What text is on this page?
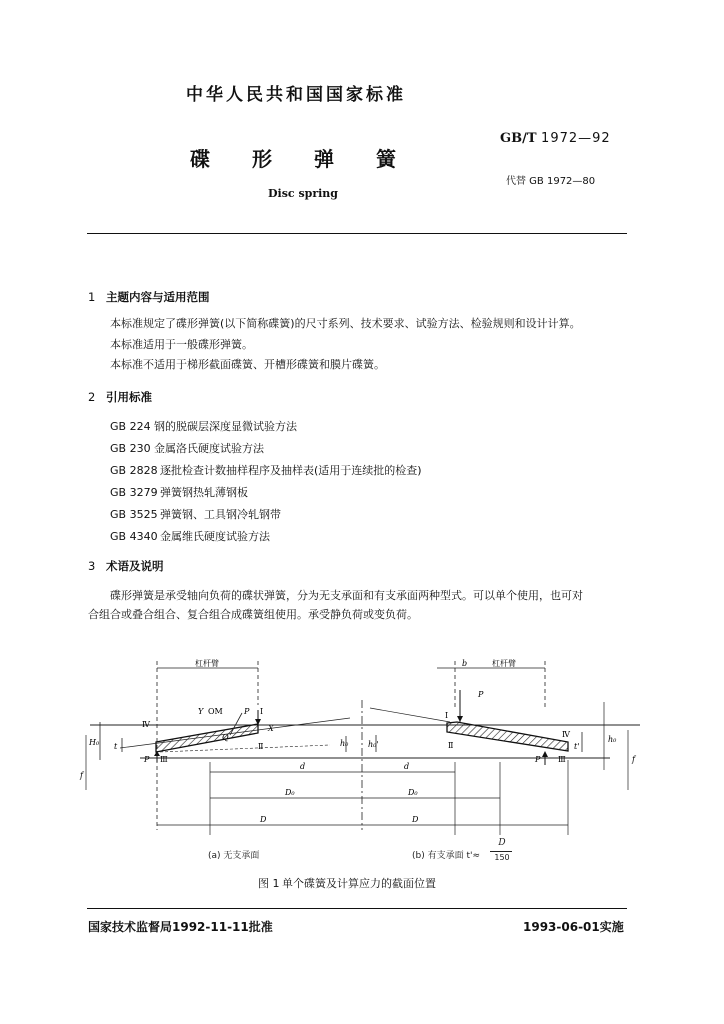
中华人民共和国国家标准
碟 形 弹 簧
Disc spring
GB/T 1972—92
代替 GB 1972—80
1 主题内容与适用范围
本标准规定了碟形弹簧(以下简称碟簧)的尺寸系列、技术要求、试验方法、检验规则和设计计算。
本标准适用于一般碟形弹簧。
本标准不适用于梯形截面碟簧、开槽形碟簧和膜片碟簧。
2 引用标准
GB 224 钢的脱碳层深度显微试验方法
GB 230 金属洛氏硬度试验方法
GB 2828 逐批检查计数抽样程序及抽样表(适用于连续批的检查)
GB 3279 弹簧钢热轧薄钢板
GB 3525 弹簧钢、工具钢冷轧钢带
GB 4340 金属维氏硬度试验方法
3 术语及说明
碟形弹簧是承受轴向负荷的碟状弹簧，分为无支承面和有支承面两种型式。可以单个使用，也可对
合组合或叠合组合、复合组合成碟簧组使用。承受静负荷或变负荷。
杠杆臂
Ⅳ
Y OM	P Ⅰ
X
Q
Ⅱ
P Ⅲ
H₀ t	h₀
f
d
D₀
D
b	杠杆臂
P
Ⅰ
Ⅱ
Ⅳ
P Ⅲ
h₀'	t'
h₀
f
d
D₀
D
(a) 无支承面	(b) 有支承面 t'≈
D
150
图 1 单个碟簧及计算应力的截面位置
国家技术监督局1992-11-11批准	1993-06-01实施
